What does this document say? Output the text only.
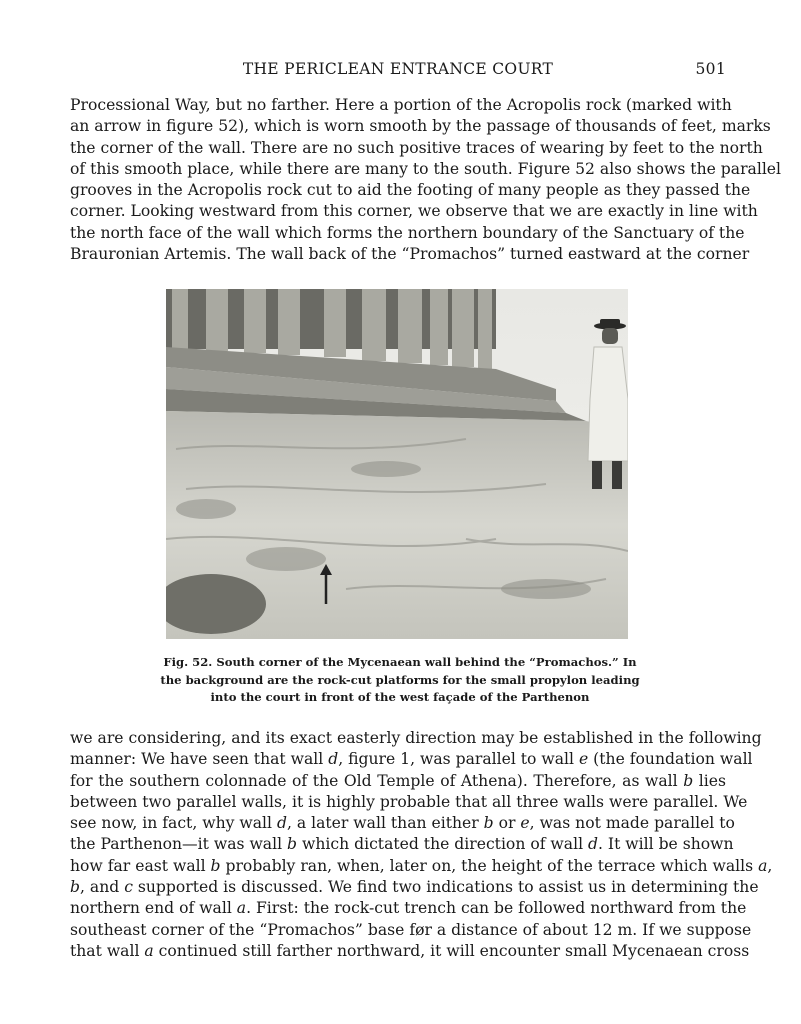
THE PERICLEAN ENTRANCE COURT	501

Processional Way, but no farther. Here a portion of the Acropolis rock (marked with
an arrow in figure 52), which is worn smooth by the passage of thousands of feet, marks
the corner of the wall. There are no such positive traces of wearing by feet to the north
of this smooth place, while there are many to the south. Figure 52 also shows the parallel
grooves in the Acropolis rock cut to aid the footing of many people as they passed the
corner. Looking westward from this corner, we observe that we are exactly in line with
the north face of the wall which forms the northern boundary of the Sanctuary of the
Brauronian Artemis. The wall back of the “Promachos” turned eastward at the corner

Fig. 52. South corner of the Mycenaean wall behind the “Promachos.” In
the background are the rock-cut platforms for the small propylon leading
into the court in front of the west façade of the Parthenon

we are considering, and its exact easterly direction may be established in the following
manner: We have seen that wall d, figure 1, was parallel to wall e (the foundation wall
for the southern colonnade of the Old Temple of Athena). Therefore, as wall b lies
between two parallel walls, it is highly probable that all three walls were parallel. We
see now, in fact, why wall d, a later wall than either b or e, was not made parallel to
the Parthenon—it was wall b which dictated the direction of wall d. It will be shown
how far east wall b probably ran, when, later on, the height of the terrace which walls a,
b, and c supported is discussed. We find two indications to assist us in determining the
northern end of wall a. First: the rock-cut trench can be followed northward from the
southeast corner of the “Promachos” base før a distance of about 12 m. If we suppose
that wall a continued still farther northward, it will encounter small Mycenaean cross
